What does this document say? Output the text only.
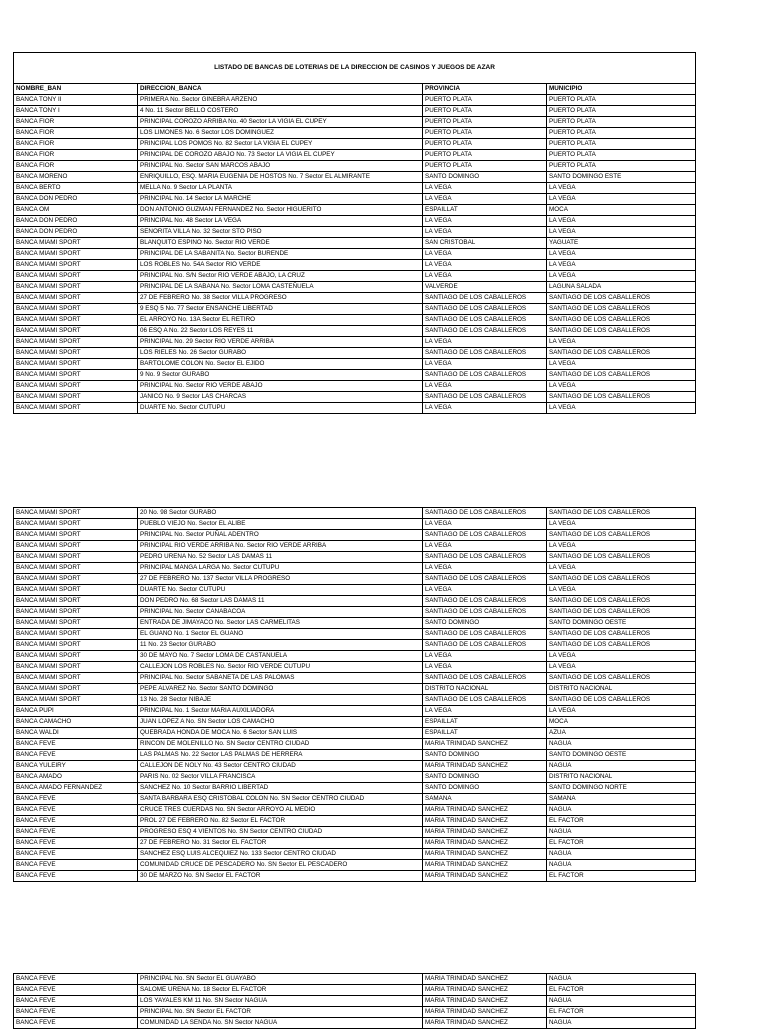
LISTADO DE BANCAS DE LOTERIAS DE LA DIRECCION DE CASINOS Y JUEGOS DE AZAR			
NOMBRE_BAN	DIRECCION_BANCA	PROVINCIA	MUNICIPIO
BANCA TONY II	PRIMERA No. Sector GINEBRA ARZENO	PUERTO PLATA	PUERTO PLATA
BANCA TONY I	4 No. 11 Sector BELLO COSTERO	PUERTO PLATA	PUERTO PLATA
BANCA FIOR	PRINCIPAL COROZO ARRIBA No. 40 Sector LA VIGIA EL CUPEY	PUERTO PLATA	PUERTO PLATA
BANCA FIOR	LOS LIMONES No. 6 Sector LOS DOMINGUEZ	PUERTO PLATA	PUERTO PLATA
BANCA FIOR	PRINCIPAL LOS POMOS No. 82 Sector LA VIGIA EL CUPEY	PUERTO PLATA	PUERTO PLATA
BANCA FIOR	PRINCIPAL DE COROZO ABAJO No. 73 Sector LA VIGIA EL CUPEY	PUERTO PLATA	PUERTO PLATA
BANCA FIOR	PRINCIPAL No. Sector SAN MARCOS ABAJO	PUERTO PLATA	PUERTO PLATA
BANCA MORENO	ENRIQUILLO, ESQ. MARIA EUGENIA DE HOSTOS No. 7 Sector EL ALMIRANTE	SANTO DOMINGO	SANTO DOMINGO ESTE
BANCA BERTO	MELLA No. 9 Sector LA PLANTA	LA VEGA	LA VEGA
BANCA DON PEDRO	PRINCIPAL No. 14 Sector LA MARCHE	LA VEGA	LA VEGA
BANCA OM	DON ANTONIO GUZMAN FERNANDEZ No. Sector HIGUERITO	ESPAILLAT	MOCA
BANCA DON PEDRO	PRINCIPAL No. 48 Sector LA VEGA	LA VEGA	LA VEGA
BANCA DON PEDRO	SENORITA VILLA No. 32 Sector STO PISO	LA VEGA	LA VEGA
BANCA MIAMI SPORT	BLANQUITO ESPINO No. Sector RIO VERDE	SAN CRISTOBAL	YAGUATE
BANCA MIAMI SPORT	PRINCIPAL DE LA SABANITA No. Sector BURENDE	LA VEGA	LA VEGA
BANCA MIAMI SPORT	LOS ROBLES No. 54A Sector RIO VERDE	LA VEGA	LA VEGA
BANCA MIAMI SPORT	PRINCIPAL No. S/N Sector RIO VERDE ABAJO, LA CRUZ	LA VEGA	LA VEGA
BANCA MIAMI SPORT	PRINCIPAL DE LA SABANA No. Sector LOMA CASTEÑUELA	VALVERDE	LAGUNA SALADA
BANCA MIAMI SPORT	27 DE FEBRERO No. 38 Sector VILLA PROGRESO	SANTIAGO DE LOS CABALLEROS	SANTIAGO DE LOS CABALLEROS
BANCA MIAMI SPORT	9 ESQ 5 No. 77 Sector ENSANCHE LIBERTAD	SANTIAGO DE LOS CABALLEROS	SANTIAGO DE LOS CABALLEROS
BANCA MIAMI SPORT	EL ARROYO No. 13A Sector EL RETIRO	SANTIAGO DE LOS CABALLEROS	SANTIAGO DE LOS CABALLEROS
BANCA MIAMI SPORT	06 ESQ A No. 22 Sector LOS REYES 11	SANTIAGO DE LOS CABALLEROS	SANTIAGO DE LOS CABALLEROS
BANCA MIAMI SPORT	PRINCIPAL No. 29 Sector RIO VERDE ARRIBA	LA VEGA	LA VEGA
BANCA MIAMI SPORT	LOS RIELES No. 26 Sector GURABO	SANTIAGO DE LOS CABALLEROS	SANTIAGO DE LOS CABALLEROS
BANCA MIAMI SPORT	BARTOLOME COLON No. Sector EL EJIDO	LA VEGA	LA VEGA
BANCA MIAMI SPORT	9 No. 9 Sector GURABO	SANTIAGO DE LOS CABALLEROS	SANTIAGO DE LOS CABALLEROS
BANCA MIAMI SPORT	PRINCIPAL No. Sector RIO VERDE ABAJO	LA VEGA	LA VEGA
BANCA MIAMI SPORT	JANICO No. 9 Sector LAS CHARCAS	SANTIAGO DE LOS CABALLEROS	SANTIAGO DE LOS CABALLEROS
BANCA MIAMI SPORT	DUARTE No. Sector CUTUPU	LA VEGA	LA VEGA
BANCA MIAMI SPORT	20 No. 98 Sector GURABO	SANTIAGO DE LOS CABALLEROS	SANTIAGO DE LOS CABALLEROS
BANCA MIAMI SPORT	PUEBLO VIEJO No. Sector EL ALIBE	LA VEGA	LA VEGA
BANCA MIAMI SPORT	PRINCIPAL No. Sector PUÑAL ADENTRO	SANTIAGO DE LOS CABALLEROS	SANTIAGO DE LOS CABALLEROS
BANCA MIAMI SPORT	PRINCIPAL RIO VERDE ARRIBA No. Sector RIO VERDE ARRIBA	LA VEGA	LA VEGA
BANCA MIAMI SPORT	PEDRO URENA No. 52 Sector LAS DAMAS 11	SANTIAGO DE LOS CABALLEROS	SANTIAGO DE LOS CABALLEROS
BANCA MIAMI SPORT	PRINCIPAL MANGA LARGA No. Sector CUTUPU	LA VEGA	LA VEGA
BANCA MIAMI SPORT	27 DE FEBRERO No. 137 Sector VILLA PROGRESO	SANTIAGO DE LOS CABALLEROS	SANTIAGO DE LOS CABALLEROS
BANCA MIAMI SPORT	DUARTE No. Sector CUTUPU	LA VEGA	LA VEGA
BANCA MIAMI SPORT	DON PEDRO No. 68 Sector LAS DAMAS 11	SANTIAGO DE LOS CABALLEROS	SANTIAGO DE LOS CABALLEROS
BANCA MIAMI SPORT	PRINCIPAL No. Sector CANABACOA	SANTIAGO DE LOS CABALLEROS	SANTIAGO DE LOS CABALLEROS
BANCA MIAMI SPORT	ENTRADA DE JIMAYACO No. Sector LAS CARMELITAS	SANTO DOMINGO	SANTO DOMINGO OESTE
BANCA MIAMI SPORT	EL GUANO No. 1 Sector EL GUANO	SANTIAGO DE LOS CABALLEROS	SANTIAGO DE LOS CABALLEROS
BANCA MIAMI SPORT	11 No. 23 Sector GURABO	SANTIAGO DE LOS CABALLEROS	SANTIAGO DE LOS CABALLEROS
BANCA MIAMI SPORT	30 DE MAYO No. 7 Sector LOMA DE CASTANUELA	LA VEGA	LA VEGA
BANCA MIAMI SPORT	CALLEJON LOS ROBLES No. Sector RIO VERDE CUTUPU	LA VEGA	LA VEGA
BANCA MIAMI SPORT	PRINCIPAL No. Sector SABANETA DE LAS PALOMAS	SANTIAGO DE LOS CABALLEROS	SANTIAGO DE LOS CABALLEROS
BANCA MIAMI SPORT	PEPE ALVAREZ No. Sector SANTO DOMINGO	DISTRITO NACIONAL	DISTRITO NACIONAL
BANCA MIAMI SPORT	13 No. 28 Sector NIBAJE	SANTIAGO DE LOS CABALLEROS	SANTIAGO DE LOS CABALLEROS
BANCA PUPI	PRINCIPAL No. 1 Sector MARIA AUXILIADORA	LA VEGA	LA VEGA
BANCA CAMACHO	JUAN LOPEZ A No. SN Sector LOS CAMACHO	ESPAILLAT	MOCA
BANCA WALDI	QUEBRADA HONDA DE MOCA No. 6 Sector SAN LUIS	ESPAILLAT	AZUA
BANCA FEVE	RINCON DE MOLENILLO No. SN Sector CENTRO CIUDAD	MARIA TRINIDAD SANCHEZ	NAGUA
BANCA FEVE	LAS PALMAS No. 22 Sector LAS PALMAS DE HERRERA	SANTO DOMINGO	SANTO DOMINGO OESTE
BANCA YULEIRY	CALLEJON DE NOLY No. 43 Sector CENTRO CIUDAD	MARIA TRINIDAD SANCHEZ	NAGUA
BANCA AMADO	PARIS No. 02 Sector VILLA FRANCISCA	SANTO DOMINGO	DISTRITO NACIONAL
BANCA AMADO FERNANDEZ	SANCHEZ No. 10 Sector BARRIO LIBERTAD	SANTO DOMINGO	SANTO DOMINGO NORTE
BANCA FEVE	SANTA BARBARA ESQ CRISTOBAL COLON No. SN Sector CENTRO CIUDAD	SAMANA	SAMANA
BANCA FEVE	CRUCE TRES CUERDAS No. SN Sector ARROYO AL MEDIO	MARIA TRINIDAD SANCHEZ	NAGUA
BANCA FEVE	PROL 27 DE FEBRERO No. 82 Sector EL FACTOR	MARIA TRINIDAD SANCHEZ	EL FACTOR
BANCA FEVE	PROGRESO ESQ 4 VIENTOS No. SN Sector CENTRO CIUDAD	MARIA TRINIDAD SANCHEZ	NAGUA
BANCA FEVE	27 DE FEBRERO No. 31 Sector EL FACTOR	MARIA TRINIDAD SANCHEZ	EL FACTOR
BANCA FEVE	SANCHEZ ESQ LUIS ALCEQUIEZ No. 133 Sector CENTRO CIUDAD	MARIA TRINIDAD SANCHEZ	NAGUA
BANCA FEVE	COMUNIDAD CRUCE DE PESCADERO No. SN Sector EL PESCADERO	MARIA TRINIDAD SANCHEZ	NAGUA
BANCA FEVE	30 DE MARZO No. SN Sector EL FACTOR	MARIA TRINIDAD SANCHEZ	EL FACTOR
BANCA FEVE	PRINCIPAL No. SN Sector EL GUAYABO	MARIA TRINIDAD SANCHEZ	NAGUA
BANCA FEVE	SALOME URENA No. 18 Sector EL FACTOR	MARIA TRINIDAD SANCHEZ	EL FACTOR
BANCA FEVE	LOS YAYALES KM 11 No. SN Sector NAGUA	MARIA TRINIDAD SANCHEZ	NAGUA
BANCA FEVE	PRINCIPAL No. SN Sector EL FACTOR	MARIA TRINIDAD SANCHEZ	EL FACTOR
BANCA FEVE	COMUNIDAD LA SENDA No. SN Sector NAGUA	MARIA TRINIDAD SANCHEZ	NAGUA
